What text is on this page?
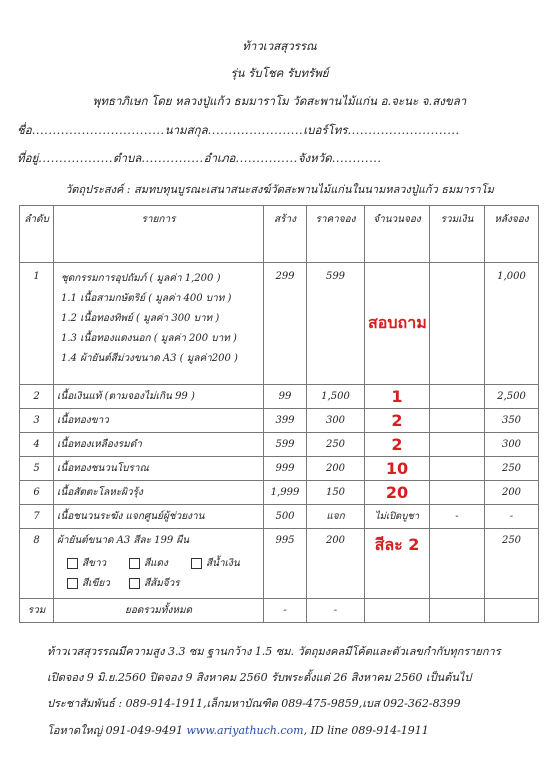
ท้าวเวสสุวรรณ
รุ่น รับโชค รับทรัพย์
พุทธาภิเษก โดย หลวงปู่แก้ว ธมมาราโม วัดสะพานไม้แก่น อ.จะนะ จ.สงขลา
ชื่อ................................นามสกุล.......................เบอร์โทร...........................
ที่อยู่..................ตำบล...............อำเภอ...............จังหวัด............
วัตถุประสงค์ : สมทบทุนบูรณะเสนาสนะสงฆ์วัดสะพานไม้แก่นในนามหลวงปู่แก้ว ธมมาราโม
ลำดับ	รายการ	สร้าง	ราคาจอง	จำนวนจอง	รวมเงิน	หลังจอง
1	ชุดกรรมการอุปถัมภ์ ( มูลค่า 1,200 )
1.1 เนื้อสามกษัตริย์ ( มูลค่า 400 บาท )
1.2 เนื้อทองทิพย์ ( มูลค่า 300 บาท )
1.3 เนื้อทองแดงนอก ( มูลค่า 200 บาท )
1.4 ผ้ายันต์สีม่วงขนาด A3 ( มูลค่า200 )	299	599	สอบถาม		1,000
2	เนื้อเงินแท้ (ตามจองไม่เกิน 99 )	99	1,500	1		2,500
3	เนื้อทองขาว	399	300	2		350
4	เนื้อทองเหลืองรมดำ	599	250	2		300
5	เนื้อทองชนวนโบราณ	999	200	10		250
6	เนื้อสัตตะโลหะผิวรุ้ง	1,999	150	20		200
7	เนื้อชนวนระฆัง แจกศูนย์ผู้ช่วยงาน	500	แจก	ไม่เปิดบูชา	-	-
8	ผ้ายันต์ขนาด A3 สีละ 199 ผืน
สีขาว สีแดง สีน้ำเงิน
สีเขียว สีส้มจีวร	995	200	สีละ 2		250
รวม	ยอดรวมทั้งหมด	-	-			
ท้าวเวสสุวรรณมีความสูง 3.3 ซม ฐานกว้าง 1.5 ซม. วัตถุมงคลมีโค้ตและตัวเลขกำกับทุกรายการ
เปิดจอง 9 มิ.ย.2560 ปิดจอง 9 สิงหาคม 2560 รับพระตั้งแต่ 26 สิงหาคม 2560 เป็นต้นไป
ประชาสัมพันธ์ : 089-914-1911,เล็กมหาบัณฑิต 089-475-9859,เบส 092-362-8399
โอหาดใหญ่ 091-049-9491 www.ariyathuch.com, ID line 089-914-1911
